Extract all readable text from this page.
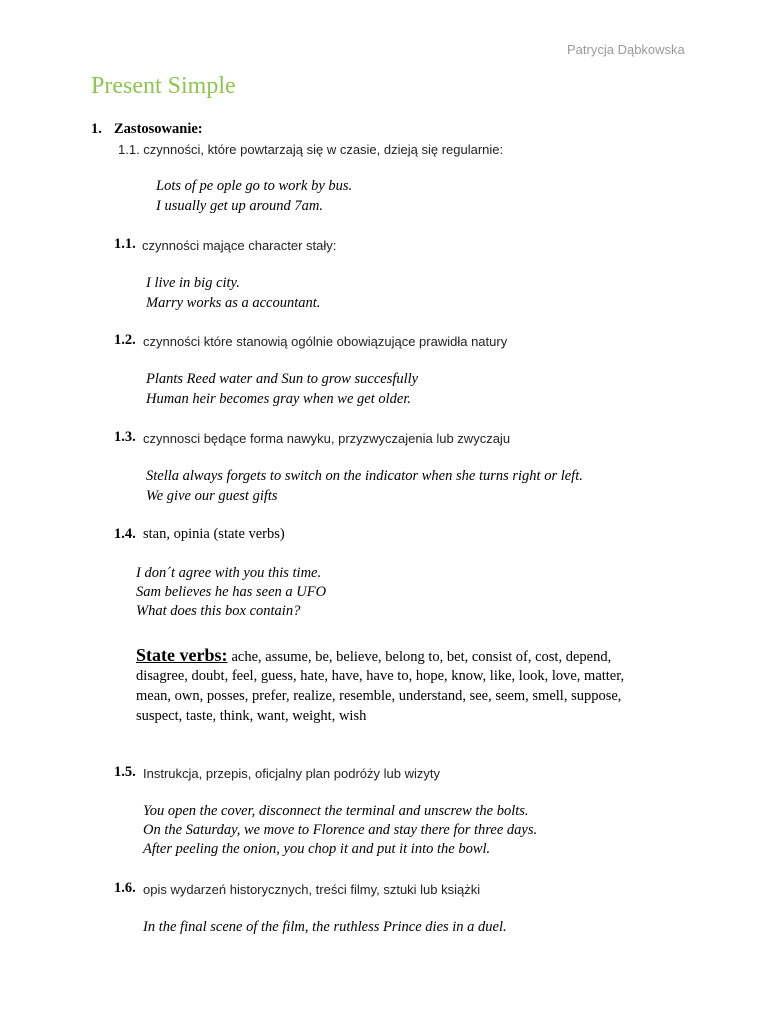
Patrycja Dąbkowska
Present Simple
1. Zastosowanie:
1.1. czynności, które powtarzają się w czasie, dzieją się regularnie:
Lots of pe ople go to work by bus.
I usually get up around 7am.
1.1. czynności mające character stały:
I live in big city.
Marry works as a accountant.
1.2. czynności które stanowią ogólnie obowiązujące prawidła natury
Plants Reed water and Sun to grow succesfully
Human heir becomes gray when we get older.
1.3. czynnosci będące forma nawyku, przyzwyczajenia lub zwyczaju
Stella always forgets to switch on the indicator when she turns right or left.
We give our guest gifts
1.4. stan, opinia (state verbs)
I don´t agree with you this time.
Sam believes he has seen a UFO
What does this box contain?
State verbs: ache, assume, be, believe, belong to, bet, consist of, cost, depend,
disagree, doubt, feel, guess, hate, have, have to, hope, know, like, look, love, matter,
mean, own, posses, prefer, realize, resemble, understand, see, seem, smell, suppose,
suspect, taste, think, want, weight, wish
1.5. Instrukcja, przepis, oficjalny plan podróży lub wizyty
You open the cover, disconnect the terminal and unscrew the bolts.
On the Saturday, we move to Florence and stay there for three days.
After peeling the onion, you chop it and put it into the bowl.
1.6. opis wydarzeń historycznych, treści filmy, sztuki lub książki
In the final scene of the film, the ruthless Prince dies in a duel.
